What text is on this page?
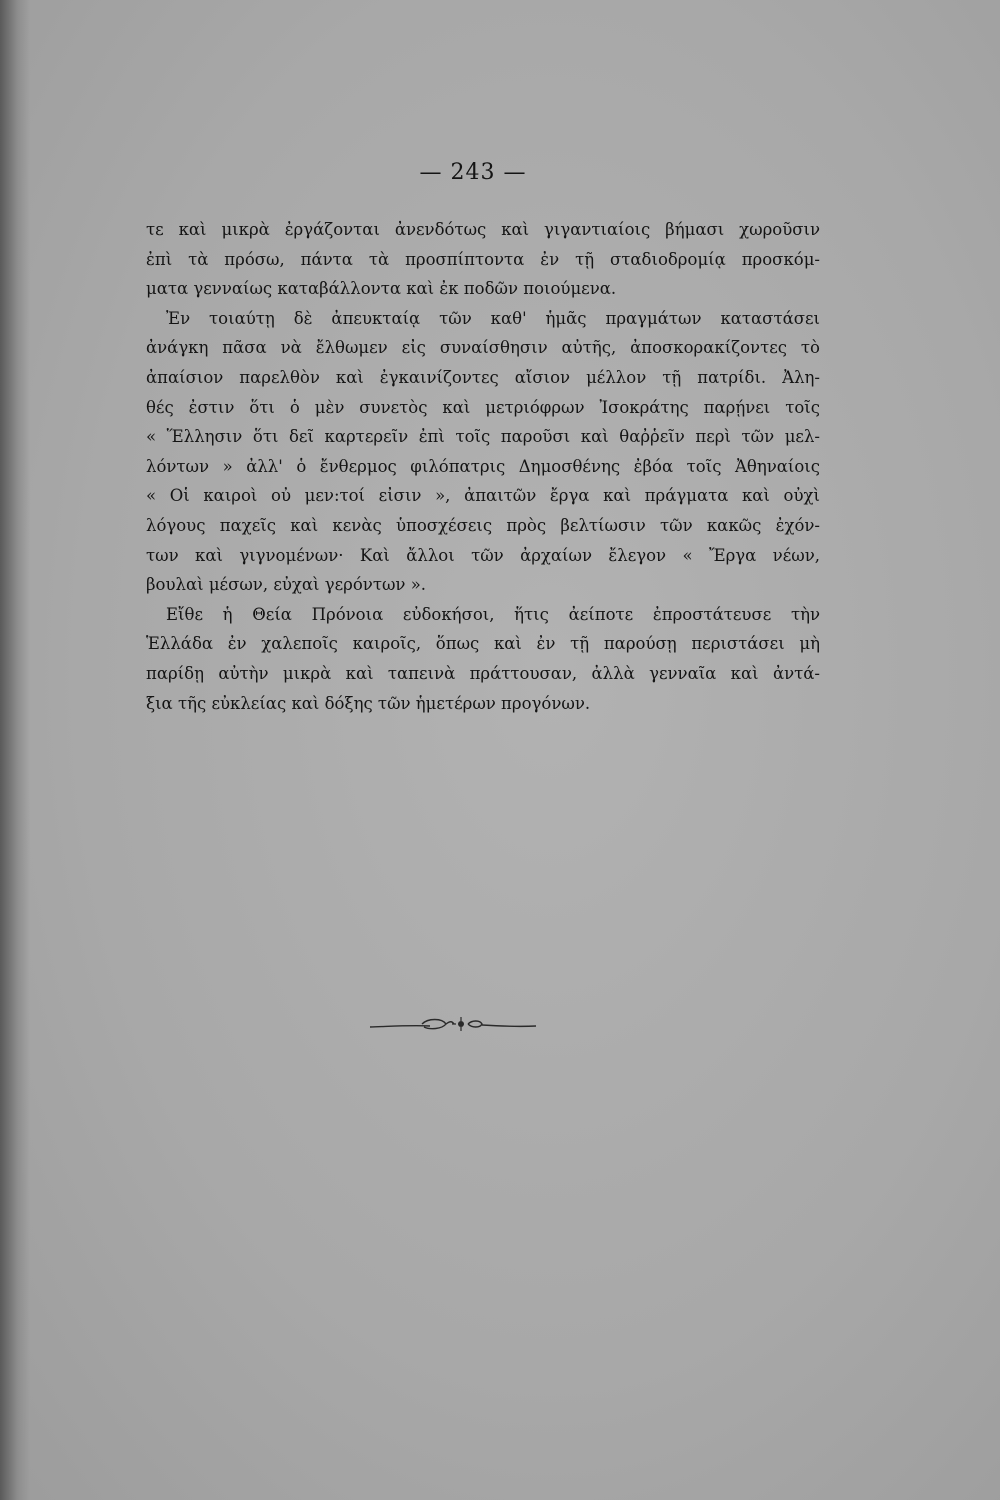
— 243 —
τε καὶ μικρὰ ἐργάζονται ἀνενδότως καὶ γιγαντιαίοις βήμασι χωροῦσιν
ἐπὶ τὰ πρόσω, πάντα τὰ προσπίπτοντα ἐν τῇ σταδιοδρομίᾳ προσκόμ-
ματα γενναίως καταβάλλοντα καὶ ἐκ ποδῶν ποιούμενα.
Ἐν τοιαύτῃ δὲ ἀπευκταίᾳ τῶν καθ' ἡμᾶς πραγμάτων καταστάσει
ἀνάγκη πᾶσα νὰ ἔλθωμεν εἰς συναίσθησιν αὐτῆς, ἀποσκορακίζοντες τὸ
ἀπαίσιον παρελθὸν καὶ ἐγκαινίζοντες αἴσιον μέλλον τῇ πατρίδι. Ἀλη-
θές ἐστιν ὅτι ὁ μὲν συνετὸς καὶ μετριόφρων Ἰσοκράτης παρῄνει τοῖς
« Ἕλλησιν ὅτι δεῖ καρτερεῖν ἐπὶ τοῖς παροῦσι καὶ θαῤῥεῖν περὶ τῶν μελ-
λόντων » ἀλλ' ὁ ἔνθερμος φιλόπατρις Δημοσθένης ἐβόα τοῖς Ἀθηναίοις
« Οἱ καιροὶ οὐ μεν:τοί εἰσιν », ἀπαιτῶν ἔργα καὶ πράγματα καὶ οὐχὶ
λόγους παχεῖς καὶ κενὰς ὑποσχέσεις πρὸς βελτίωσιν τῶν κακῶς ἐχόν-
των καὶ γιγνομένων· Καὶ ἄλλοι τῶν ἀρχαίων ἔλεγον « Ἔργα νέων,
βουλαὶ μέσων, εὐχαὶ γερόντων ».
Εἴθε ἡ Θεία Πρόνοια εὐδοκήσοι, ἥτις ἀείποτε ἐπροστάτευσε τὴν
Ἑλλάδα ἐν χαλεποῖς καιροῖς, ὅπως καὶ ἐν τῇ παρούσῃ περιστάσει μὴ
παρίδῃ αὐτὴν μικρὰ καὶ ταπεινὰ πράττουσαν, ἀλλὰ γενναῖα καὶ ἀντά-
ξια τῆς εὐκλείας καὶ δόξης τῶν ἡμετέρων προγόνων.
